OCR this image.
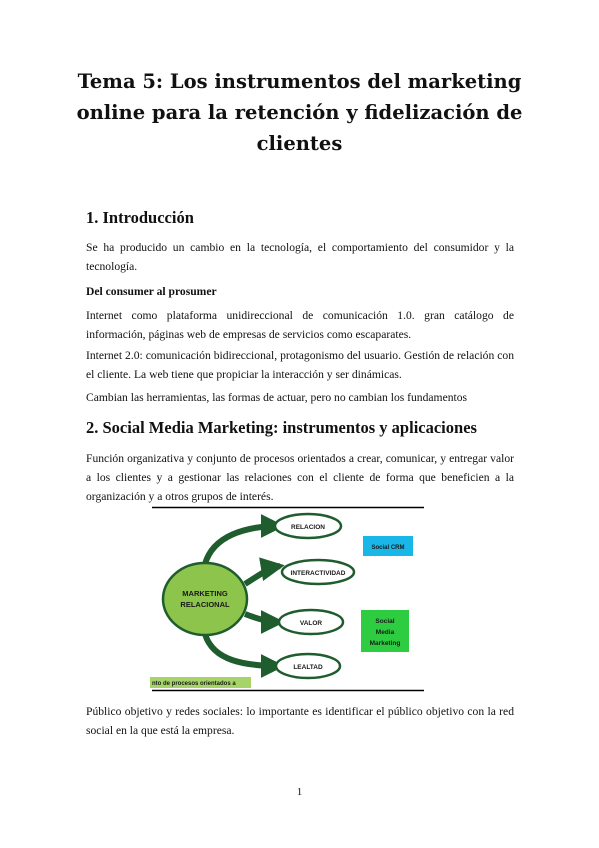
Tema 5: Los instrumentos del marketing online para la retención y fidelización de clientes
1. Introducción

Se ha producido un cambio en la tecnología, el comportamiento del consumidor y la tecnología.

Del consumer al prosumer

Internet como plataforma unidireccional de comunicación 1.0. gran catálogo de información, páginas web de empresas de servicios como escaparates.

Internet 2.0: comunicación bidireccional, protagonismo del usuario. Gestión de relación con el cliente. La web tiene que propiciar la interacción y ser dinámicas.

Cambian las herramientas, las formas de actuar, pero no cambian los fundamentos

2. Social Media Marketing: instrumentos y aplicaciones

Función organizativa y conjunto de procesos orientados a crear, comunicar, y entregar valor a los clientes y a gestionar las relaciones con el cliente de forma que beneficien a la organización y a otros grupos de interés.

MARKETING
RELACIONAL
RELACION
INTERACTIVIDAD
VALOR
LEALTAD
Social CRM
Social
Media
Marketing
nto de procesos orientados a

Público objetivo y redes sociales: lo importante es identificar el público objetivo con la red social en la que está la empresa.

1
